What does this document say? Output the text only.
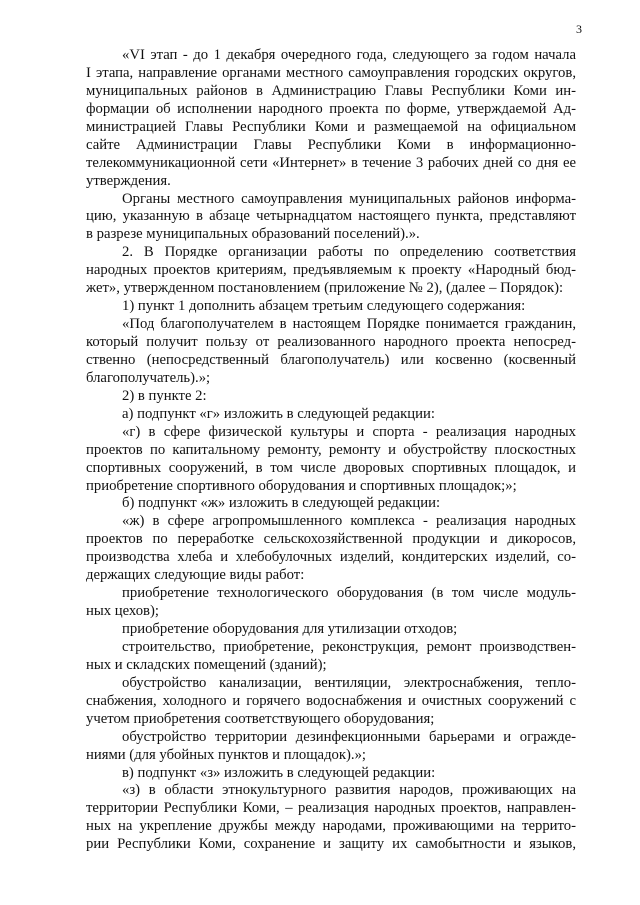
3
«VI этап - до 1 декабря очередного года, следующего за годом начала
I этапа, направление органами местного самоуправления городских округов,
муниципальных районов в Администрацию Главы Республики Коми ин-
формации об исполнении народного проекта по форме, утверждаемой Ад-
министрацией Главы Республики Коми и размещаемой на официальном
сайте Администрации Главы Республики Коми в информационно-
телекоммуникационной сети «Интернет» в течение 3 рабочих дней со дня ее
утверждения.
Органы местного самоуправления муниципальных районов информа-
цию, указанную в абзаце четырнадцатом настоящего пункта, представляют
в разрезе муниципальных образований поселений).».
2. В Порядке организации работы по определению соответствия
народных проектов критериям, предъявляемым к проекту «Народный бюд-
жет», утвержденном постановлением (приложение № 2), (далее – Порядок):
1) пункт 1 дополнить абзацем третьим следующего содержания:
«Под благополучателем в настоящем Порядке понимается гражданин,
который получит пользу от реализованного народного проекта непосред-
ственно (непосредственный благополучатель) или косвенно (косвенный
благополучатель).»;
2) в пункте 2:
а) подпункт «г» изложить в следующей редакции:
«г) в сфере физической культуры и спорта - реализация народных
проектов по капитальному ремонту, ремонту и обустройству плоскостных
спортивных сооружений, в том числе дворовых спортивных площадок, и
приобретение спортивного оборудования и спортивных площадок;»;
б) подпункт «ж» изложить в следующей редакции:
«ж) в сфере агропромышленного комплекса - реализация народных
проектов по переработке сельскохозяйственной продукции и дикоросов,
производства хлеба и хлебобулочных изделий, кондитерских изделий, со-
держащих следующие виды работ:
приобретение технологического оборудования (в том числе модуль-
ных цехов);
приобретение оборудования для утилизации отходов;
строительство, приобретение, реконструкция, ремонт производствен-
ных и складских помещений (зданий);
обустройство канализации, вентиляции, электроснабжения, тепло-
снабжения, холодного и горячего водоснабжения и очистных сооружений с
учетом приобретения соответствующего оборудования;
обустройство территории дезинфекционными барьерами и огражде-
ниями (для убойных пунктов и площадок).»;
в) подпункт «з» изложить в следующей редакции:
«з) в области этнокультурного развития народов, проживающих на
территории Республики Коми, – реализация народных проектов, направлен-
ных на укрепление дружбы между народами, проживающими на террито-
рии Республики Коми, сохранение и защиту их самобытности и языков,
